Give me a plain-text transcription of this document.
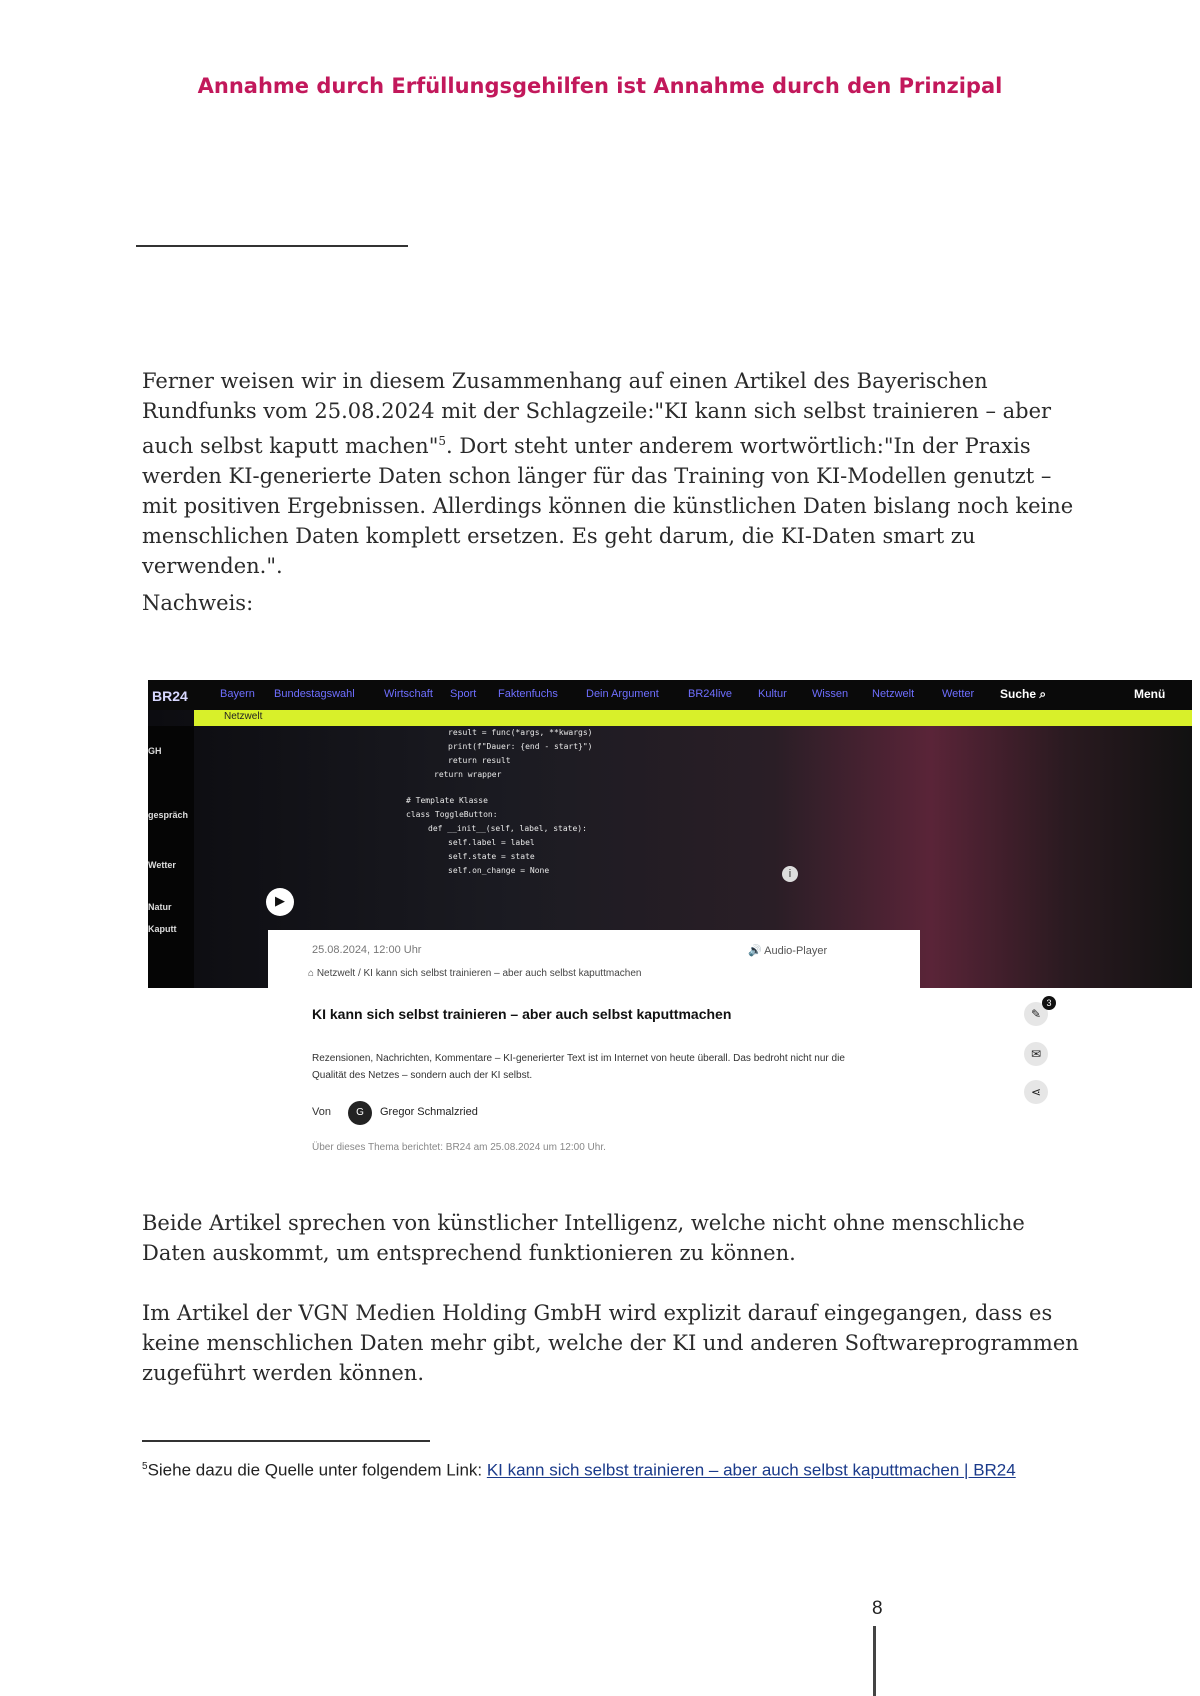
Annahme durch Erfüllungsgehilfen ist Annahme durch den Prinzipal
Ferner weisen wir in diesem Zusammenhang auf einen Artikel des Bayerischen Rundfunks vom 25.08.2024 mit der Schlagzeile:"KI kann sich selbst trainieren – aber auch selbst kaputt machen"$^5$. Dort steht unter anderem wortwörtlich:"In der Praxis werden KI-generierte Daten schon länger für das Training von KI-Modellen genutzt – mit positiven Ergebnissen. Allerdings können die künstlichen Daten bislang noch keine menschlichen Daten komplett ersetzen. Es geht darum, die KI-Daten smart zu verwenden.".
Nachweis:
BR24	Bayern Bundestagswahl	Wirtschaft Sport Faktenfuchs	Dein Argument	BR24live Kultur Wissen Netzwelt	Wetter Suche ⌕	Menü
Netzwelt
GH
gespräch
Wetter
Natur
Kaputt
result = func(*args, **kwargs)
print(f"Dauer: {end - start}")
return result
return wrapper
# Template Klasse
class ToggleButton:
def __init__(self, label, state):
self.label = label
self.state = state
self.on_change = None
▶
i
25.08.2024, 12:00 Uhr	🔊 Audio-Player
⌂ Netzwelt / KI kann sich selbst trainieren – aber auch selbst kaputtmachen
KI kann sich selbst trainieren – aber auch selbst kaputtmachen
Rezensionen, Nachrichten, Kommentare – KI-generierter Text ist im Internet von heute überall. Das bedroht nicht nur die Qualität des Netzes – sondern auch der KI selbst.
Von	G	Gregor Schmalzried
Über dieses Thema berichtet: BR24 am 25.08.2024 um 12:00 Uhr.
✎
3
✉
⋖
Beide Artikel sprechen von künstlicher Intelligenz, welche nicht ohne menschliche Daten auskommt, um entsprechend funktionieren zu können.
Im Artikel der VGN Medien Holding GmbH wird explizit darauf eingegangen, dass es keine menschlichen Daten mehr gibt, welche der KI und anderen Softwareprogrammen zugeführt werden können.
$^5$Siehe dazu die Quelle unter folgendem Link: KI kann sich selbst trainieren – aber auch selbst kaputtmachen | BR24
8
